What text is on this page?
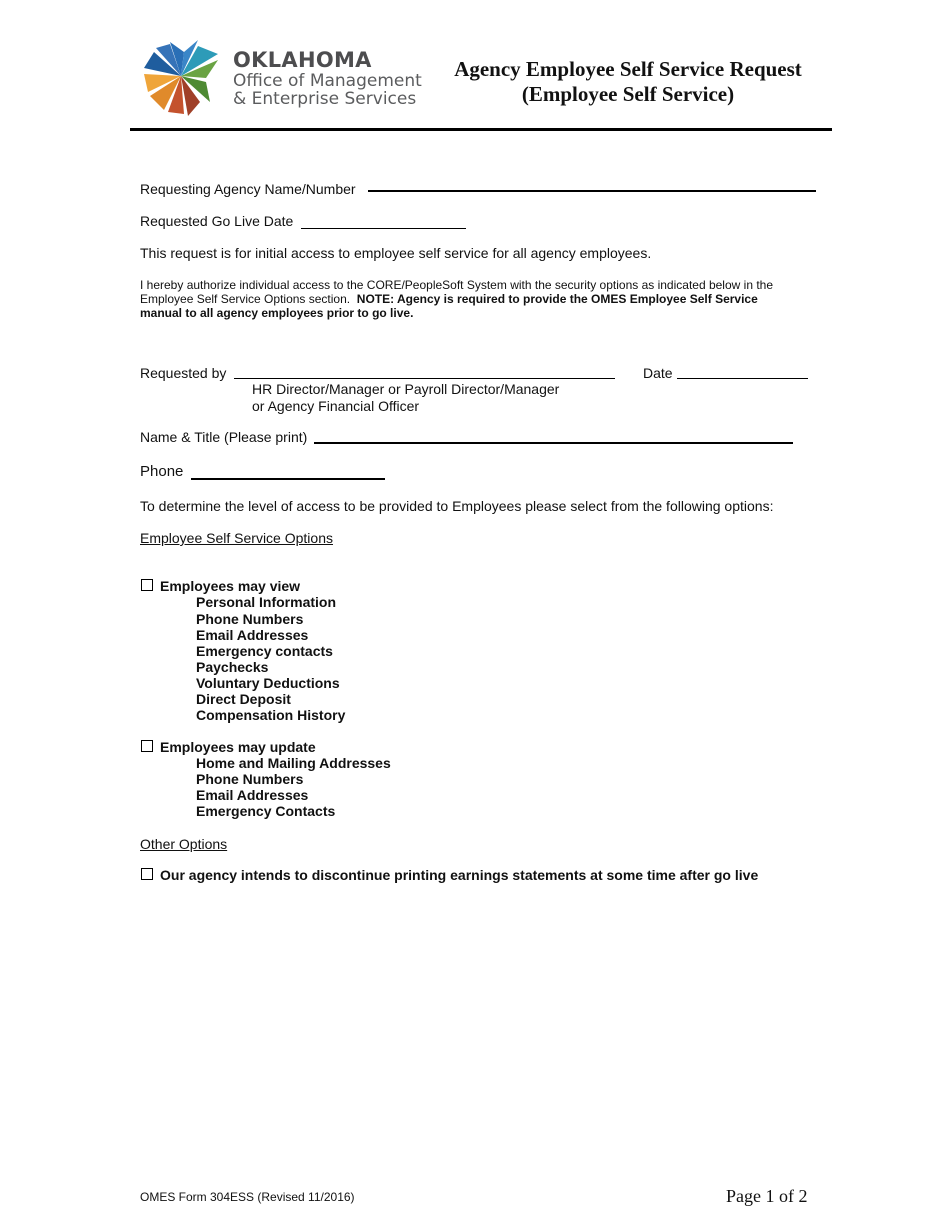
OKLAHOMA
Office of Management
& Enterprise Services
Agency Employee Self Service Request
(Employee Self Service)
Requesting Agency Name/Number
Requested Go Live Date
This request is for initial access to employee self service for all agency employees.
I hereby authorize individual access to the CORE/PeopleSoft System with the security options as indicated below in the
Employee Self Service Options section. NOTE: Agency is required to provide the OMES Employee Self Service
manual to all agency employees prior to go live.
Requested by	Date
HR Director/Manager or Payroll Director/Manager
or Agency Financial Officer
Name & Title (Please print)
Phone
To determine the level of access to be provided to Employees please select from the following options:
Employee Self Service Options
Employees may view
Personal Information
Phone Numbers
Email Addresses
Emergency contacts
Paychecks
Voluntary Deductions
Direct Deposit
Compensation History
Employees may update
Home and Mailing Addresses
Phone Numbers
Email Addresses
Emergency Contacts
Other Options
Our agency intends to discontinue printing earnings statements at some time after go live
OMES Form 304ESS (Revised 11/2016)	Page 1 of 2
